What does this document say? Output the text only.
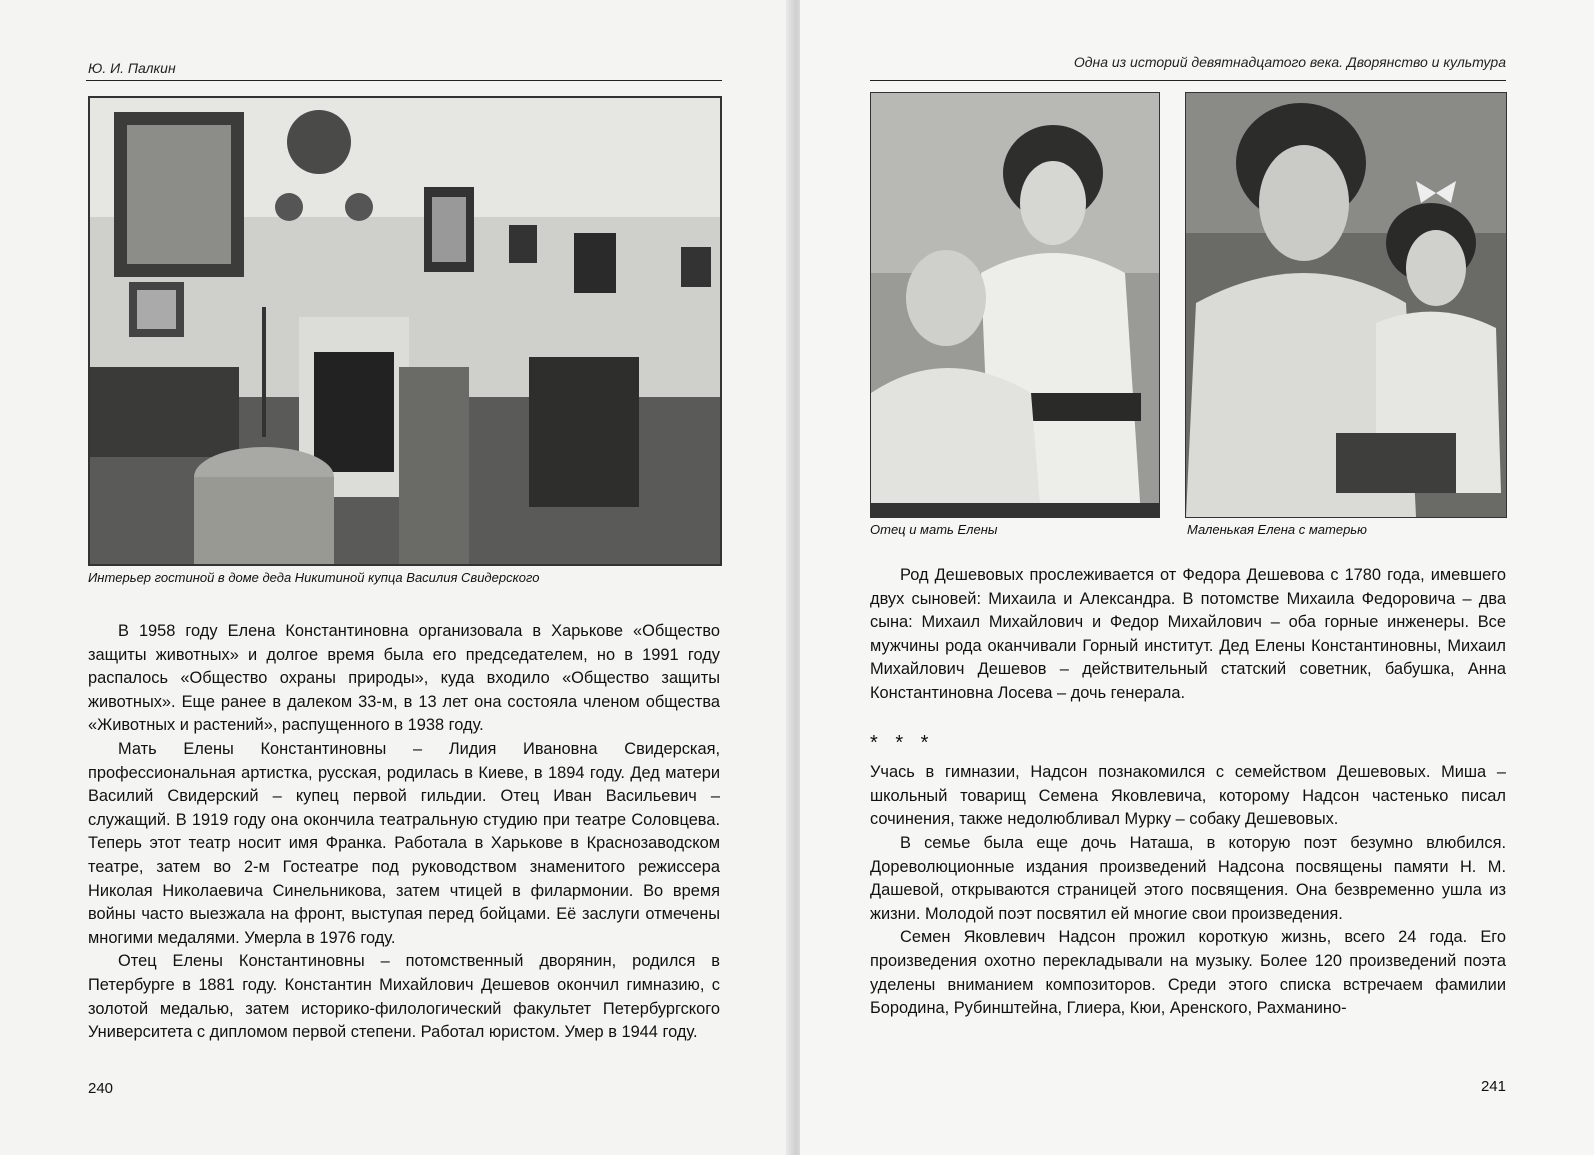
Ю. И. Палкин
Интерьер гостиной в доме деда Никитиной купца Василия Свидерского

В 1958 году Елена Константиновна организовала в Харькове «Общество защиты животных» и долгое время была его председателем, но в 1991 году распалось «Общество охраны природы», куда входило «Общество защиты животных». Еще ранее в далеком 33-м, в 13 лет она состояла членом общества «Животных и растений», распущенного в 1938 году.

Мать Елены Константиновны – Лидия Ивановна Свидерская, профессиональная артистка, русская, родилась в Киеве, в 1894 году. Дед матери Василий Свидерский – купец первой гильдии. Отец Иван Васильевич – служащий. В 1919 году она окончила театральную студию при театре Соловцева. Теперь этот театр носит имя Франка. Работала в Харькове в Краснозаводском театре, затем во 2-м Гостеатре под руководством знаменитого режиссера Николая Николаевича Синельникова, затем чтицей в филармонии. Во время войны часто выезжала на фронт, выступая перед бойцами. Её заслуги отмечены многими медалями. Умерла в 1976 году.

Отец Елены Константиновны – потомственный дворянин, родился в Петербурге в 1881 году. Константин Михайлович Дешевов окончил гимназию, с золотой медалью, затем историко-филологический факультет Петербургского Университета с дипломом первой степени. Работал юристом. Умер в 1944 году.

240
Одна из историй девятнадцатого века. Дворянство и культура
Отец и мать Елены	Маленькая Елена с матерью

Род Дешевовых прослеживается от Федора Дешевова с 1780 года, имевшего двух сыновей: Михаила и Александра. В потомстве Михаила Федоровича – два сына: Михаил Михайлович и Федор Михайлович – оба горные инженеры. Все мужчины рода оканчивали Горный институт. Дед Елены Константиновны, Михаил Михайлович Дешевов – действительный статский советник, бабушка, Анна Константиновна Лосева – дочь генерала.

* * *

Учась в гимназии, Надсон познакомился с семейством Дешевовых. Миша – школьный товарищ Семена Яковлевича, которому Надсон частенько писал сочинения, также недолюбливал Мурку – собаку Дешевовых.

В семье была еще дочь Наташа, в которую поэт безумно влюбился. Дореволюционные издания произведений Надсона посвящены памяти Н. М. Дашевой, открываются страницей этого посвящения. Она безвременно ушла из жизни. Молодой поэт посвятил ей многие свои произведения.

Семен Яковлевич Надсон прожил короткую жизнь, всего 24 года. Его произведения охотно перекладывали на музыку. Более 120 произведений поэта уделены вниманием композиторов. Среди этого списка встречаем фамилии Бородина, Рубинштейна, Глиера, Кюи, Аренского, Рахманино-

241
